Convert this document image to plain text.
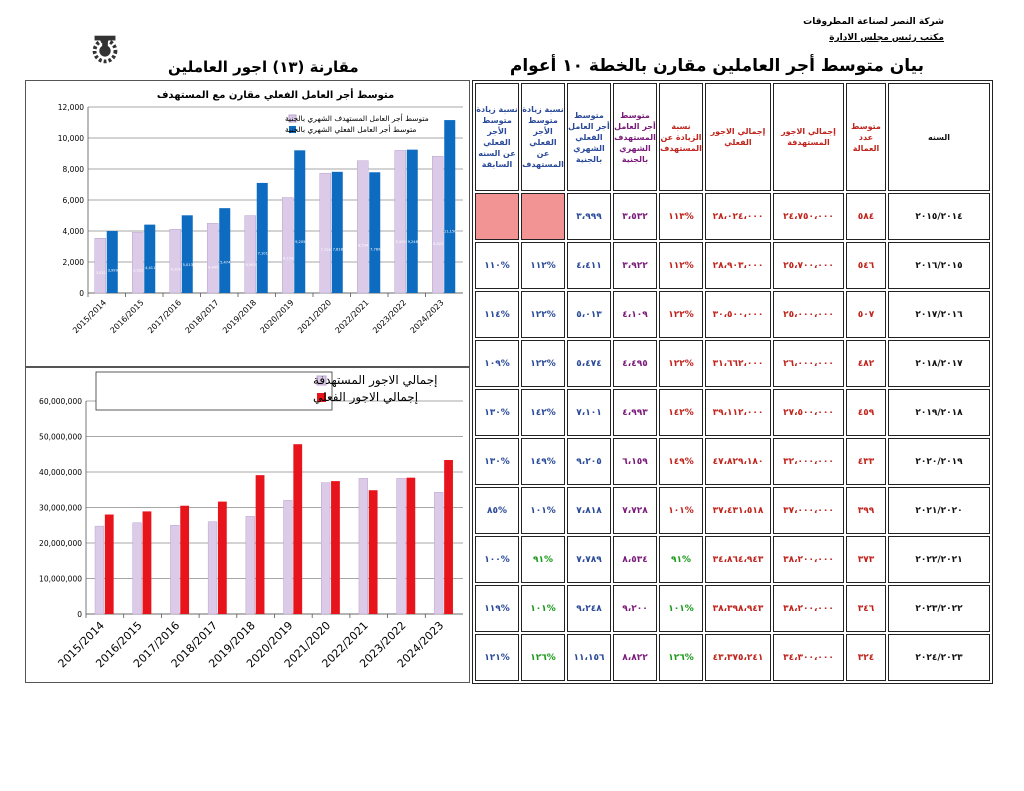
شركة النصر لصناعة المطروقات
مكتب رئيس مجلس الادارة
بيان متوسط أجر العاملين مقارن بالخطة ١٠ أعوام
مقارنة (١٣) اجور العاملين
متوسط أجر العامل الفعلي مقارن مع المستهدف
0
2,000
4,000
6,000
8,000
10,000
12,000
3,532
3,999
2015/2014
3,922
4,411
2016/2015
4,109
5,013
2017/2016
4,495
5,474
2018/2017
4,993
7,101
2019/2018
6,159
9,205
2020/2019
7,728 7,818
2021/2020
8,534
7,789
2022/2021
9,200 9,248
2023/2022
8,822
11,156
2024/2023
متوسط أجر العامل المستهدف الشهري بالجنية
متوسط أجر العامل الفعلي الشهري بالجنية
0
10,000,000
20,000,000
30,000,000
40,000,000
50,000,000
60,000,000
2015/2014
2016/2015
2017/2016
2018/2017
2019/2018
2020/2019
2021/2020
2022/2021
2023/2022
2024/2023
إجمالي الاجور المستهدفة
إجمالي الاجور الفعلي
نسبة زيادة متوسط الأجر الفعلي عن السنه السابقة	نسبة زيادة متوسط الأجر الفعلي عن المستهدف	متوسط أجر العامل الفعلي الشهري بالجنية	متوسط أجر العامل المستهدف الشهري بالجنية	نسبة الزيادة عن المستهدف	إجمالي الاجور الفعلي	إجمالي الاجور المستهدفة	متوسط عدد العمالة	السنه
		٣،٩٩٩	٣،٥٣٢	%١١٣	٢٨،٠٢٤،٠٠٠	٢٤،٧٥٠،٠٠٠	٥٨٤	٢٠١٥/٢٠١٤
%١١٠	%١١٢	٤،٤١١	٣،٩٢٢	%١١٢	٢٨،٩٠٣،٠٠٠	٢٥،٧٠٠،٠٠٠	٥٤٦	٢٠١٦/٢٠١٥
%١١٤	%١٢٢	٥،٠١٣	٤،١٠٩	%١٢٢	٣٠،٥٠٠،٠٠٠	٢٥،٠٠٠،٠٠٠	٥٠٧	٢٠١٧/٢٠١٦
%١٠٩	%١٢٢	٥،٤٧٤	٤،٤٩٥	%١٢٢	٣١،٦٦٢،٠٠٠	٢٦،٠٠٠،٠٠٠	٤٨٢	٢٠١٨/٢٠١٧
%١٣٠	%١٤٢	٧،١٠١	٤،٩٩٣	%١٤٢	٣٩،١١٢،٠٠٠	٢٧،٥٠٠،٠٠٠	٤٥٩	٢٠١٩/٢٠١٨
%١٣٠	%١٤٩	٩،٢٠٥	٦،١٥٩	%١٤٩	٤٧،٨٢٩،١٨٠	٣٢،٠٠٠،٠٠٠	٤٣٣	٢٠٢٠/٢٠١٩
%٨٥	%١٠١	٧،٨١٨	٧،٧٢٨	%١٠١	٣٧،٤٣١،٥١٨	٣٧،٠٠٠،٠٠٠	٣٩٩	٢٠٢١/٢٠٢٠
%١٠٠	%٩١	٧،٧٨٩	٨،٥٣٤	%٩١	٣٤،٨٦٤،٩٤٣	٣٨،٢٠٠،٠٠٠	٣٧٣	٢٠٢٢/٢٠٢١
%١١٩	%١٠١	٩،٢٤٨	٩،٢٠٠	%١٠١	٣٨،٣٩٨،٩٤٣	٣٨،٢٠٠،٠٠٠	٣٤٦	٢٠٢٣/٢٠٢٢
%١٢١	%١٢٦	١١،١٥٦	٨،٨٢٢	%١٢٦	٤٣،٣٧٥،٢٤١	٣٤،٣٠٠،٠٠٠	٣٢٤	٢٠٢٤/٢٠٢٣
